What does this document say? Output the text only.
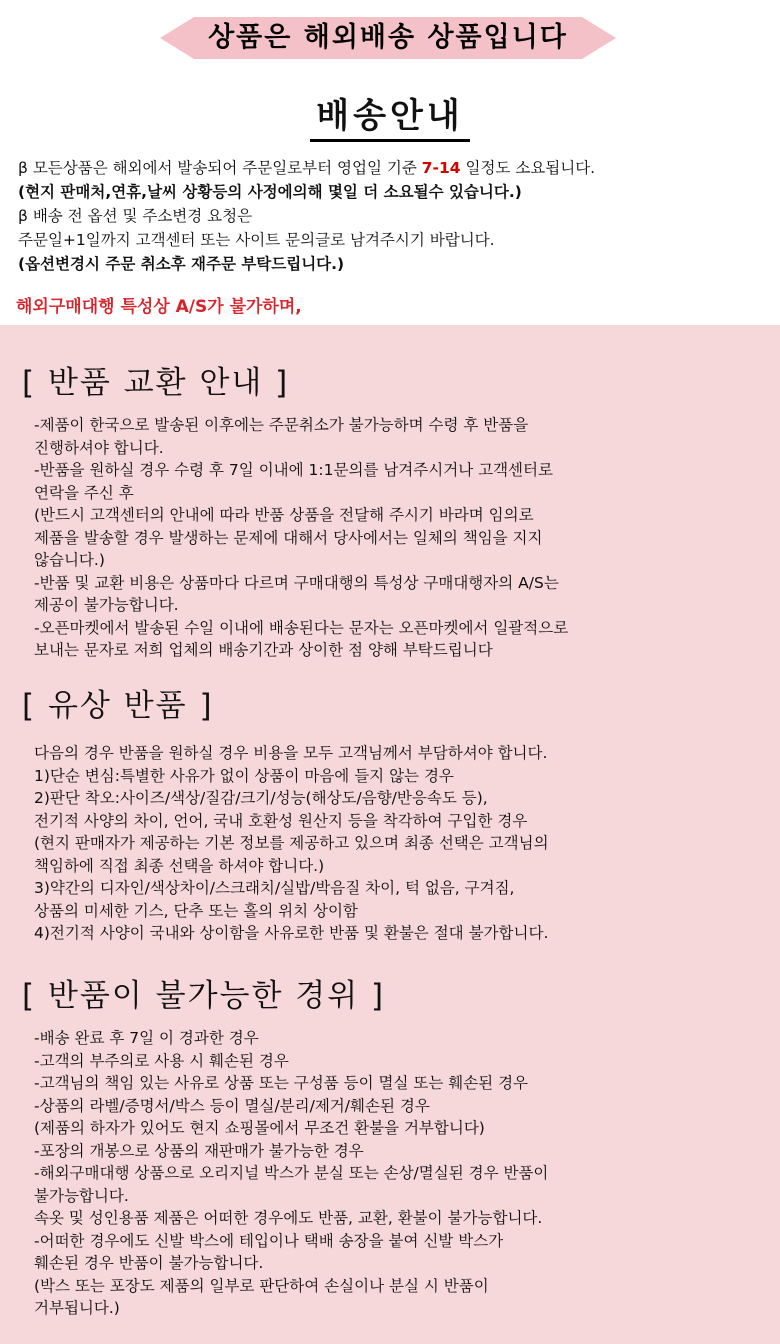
상품은 해외배송 상품입니다
배송안내
β 모든상품은 해외에서 발송되어 주문일로부터 영업일 기준 7-14 일정도 소요됩니다.
(현지 판매처,연휴,날씨 상황등의 사정에의해 몇일 더 소요될수 있습니다.)
β 배송 전 옵션 및 주소변경 요청은
주문일+1일까지 고객센터 또는 사이트 문의글로 남겨주시기 바랍니다.
(옵션변경시 주문 취소후 재주문 부탁드립니다.)
해외구매대행 특성상 A/S가 불가하며,
[ 반품 교환 안내 ]
-제품이 한국으로 발송된 이후에는 주문취소가 불가능하며 수령 후 반품을
진행하셔야 합니다.
-반품을 원하실 경우 수령 후 7일 이내에 1:1문의를 남겨주시거나 고객센터로
연락을 주신 후
(반드시 고객센터의 안내에 따라 반품 상품을 전달해 주시기 바라며 임의로
제품을 발송할 경우 발생하는 문제에 대해서 당사에서는 일체의 책임을 지지
않습니다.)
-반품 및 교환 비용은 상품마다 다르며 구매대행의 특성상 구매대행자의 A/S는
제공이 불가능합니다.
-오픈마켓에서 발송된 수일 이내에 배송된다는 문자는 오픈마켓에서 일괄적으로
보내는 문자로 저희 업체의 배송기간과 상이한 점 양해 부탁드립니다
[ 유상 반품 ]
다음의 경우 반품을 원하실 경우 비용을 모두 고객님께서 부담하셔야 합니다.
1)단순 변심:특별한 사유가 없이 상품이 마음에 들지 않는 경우
2)판단 착오:사이즈/색상/질감/크기/성능(해상도/음향/반응속도 등),
전기적 사양의 차이, 언어, 국내 호환성 원산지 등을 착각하여 구입한 경우
(현지 판매자가 제공하는 기본 정보를 제공하고 있으며 최종 선택은 고객님의
책임하에 직접 최종 선택을 하셔야 합니다.)
3)약간의 디자인/색상차이/스크래치/실밥/박음질 차이, 턱 없음, 구겨짐,
상품의 미세한 기스, 단추 또는 홀의 위치 상이함
4)전기적 사양이 국내와 상이함을 사유로한 반품 및 환불은 절대 불가합니다.
[ 반품이 불가능한 경위 ]
-배송 완료 후 7일 이 경과한 경우
-고객의 부주의로 사용 시 훼손된 경우
-고객님의 책임 있는 사유로 상품 또는 구성품 등이 멸실 또는 훼손된 경우
-상품의 라벨/증명서/박스 등이 멸실/분리/제거/훼손된 경우
(제품의 하자가 있어도 현지 쇼핑몰에서 무조건 환불을 거부합니다)
-포장의 개봉으로 상품의 재판매가 불가능한 경우
-해외구매대행 상품으로 오리지널 박스가 분실 또는 손상/멸실된 경우 반품이
불가능합니다.
속옷 및 성인용품 제품은 어떠한 경우에도 반품, 교환, 환불이 불가능합니다.
-어떠한 경우에도 신발 박스에 테입이나 택배 송장을 붙여 신발 박스가
훼손된 경우 반품이 불가능합니다.
(박스 또는 포장도 제품의 일부로 판단하여 손실이나 분실 시 반품이
거부됩니다.)
